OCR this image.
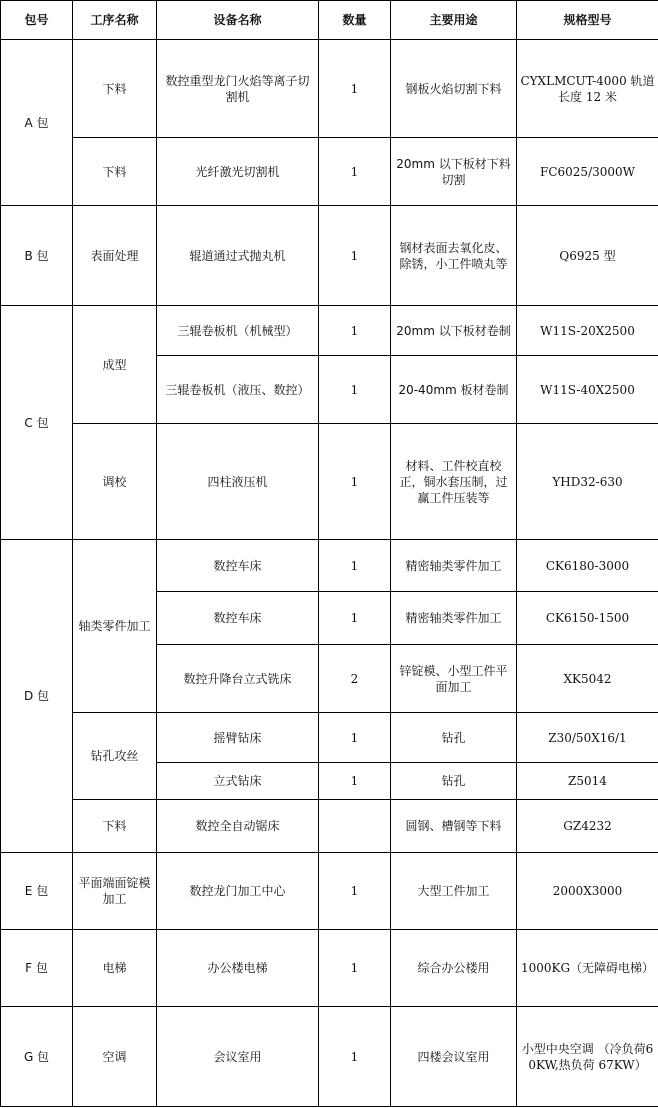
包号	工序名称	设备名称	数量	主要用途	规格型号
A 包	下料	数控重型龙门火焰等离子切割机	1	钢板火焰切割下料	CYXLMCUT-4000 轨道长度 12 米
	下料	光纤激光切割机	1	20mm 以下板材下料切割	FC6025/3000W
B 包	表面处理	辊道通过式抛丸机	1	钢材表面去氧化皮、除锈，小工件喷丸等	Q6925 型
C 包	成型	三辊卷板机（机械型）	1	20mm 以下板材卷制	W11S-20X2500
		三辊卷板机（液压、数控）	1	20-40mm 板材卷制	W11S-40X2500
	调校	四柱液压机	1	材料、工件校直校正，铜水套压制，过赢工件压装等	YHD32-630
D 包	轴类零件加工	数控车床	1	精密轴类零件加工	CK6180-3000
		数控车床	1	精密轴类零件加工	CK6150-1500
		数控升降台立式铣床	2	锌锭模、小型工件平面加工	XK5042
	钻孔攻丝	摇臂钻床	1	钻孔	Z30/50X16/1
		立式钻床	1	钻孔	Z5014
	下料	数控全自动锯床		圆钢、槽钢等下料	GZ4232
E 包	平面端面锭模加工	数控龙门加工中心	1	大型工件加工	2000X3000
F 包	电梯	办公楼电梯	1	综合办公楼用	1000KG（无障碍电梯）
G 包	空调	会议室用	1	四楼会议室用	小型中央空调 （冷负荷60KW,热负荷 67KW）
